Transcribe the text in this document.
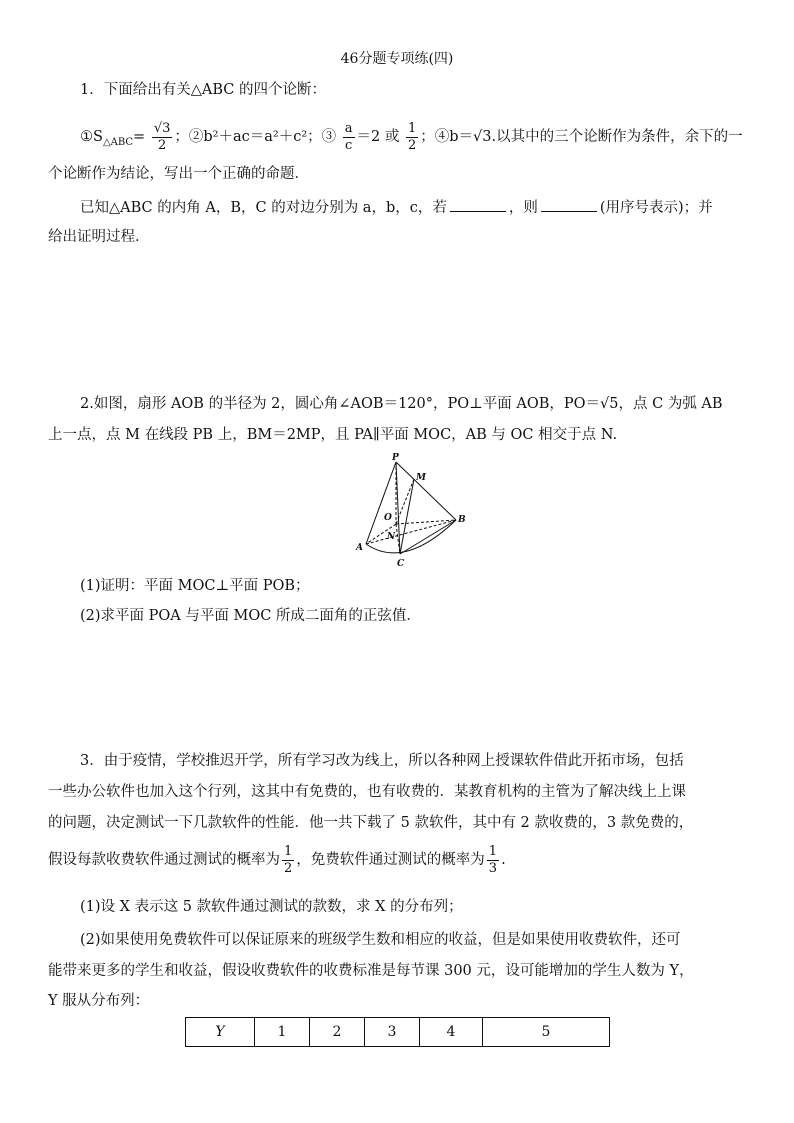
46分题专项练(四)
1．下面给出有关△ABC 的四个论断：
$①S_{\triangle ABC}= \frac{√3}{2}$ ；②b²＋ac＝a²＋c²；③ $\frac{a}{c} =2$ 或 $\frac{1}{2}$ ；④b＝√3.以其中的三个论断作为条件，余下的一
个论断作为结论，写出一个正确的命题．
已知△ABC 的内角 A，B，C 的对边分别为 a，b，c，若	，则	(用序号表示)；并
给出证明过程．
2.如图，扇形 AOB 的半径为 2，圆心角∠AOB＝120°，PO⊥平面 AOB，PO＝√5，点 C 为弧 AB
上一点，点 M 在线段 PB 上，BM＝2MP，且 PA∥平面 MOC，AB 与 OC 相交于点 N.
P
M
O	B
N
A
C
(1)证明：平面 MOC⊥平面 POB；
(2)求平面 POA 与平面 MOC 所成二面角的正弦值．
3．由于疫情，学校推迟开学，所有学习改为线上，所以各种网上授课软件借此开拓市场，包括
一些办公软件也加入这个行列，这其中有免费的，也有收费的．某教育机构的主管为了解决线上上课
的问题，决定测试一下几款软件的性能．他一共下载了 5 款软件，其中有 2 款收费的，3 款免费的，
假设每款收费软件通过测试的概率为 $\frac{1}{2}$ ，免费软件通过测试的概率为 $\frac{1}{3}$ .
(1)设 X 表示这 5 款软件通过测试的款数，求 X 的分布列；
(2)如果使用免费软件可以保证原来的班级学生数和相应的收益，但是如果使用收费软件，还可
能带来更多的学生和收益，假设收费软件的收费标准是每节课 300 元，设可能增加的学生人数为 Y，
Y 服从分布列：
Y	1	2	3	4	5
